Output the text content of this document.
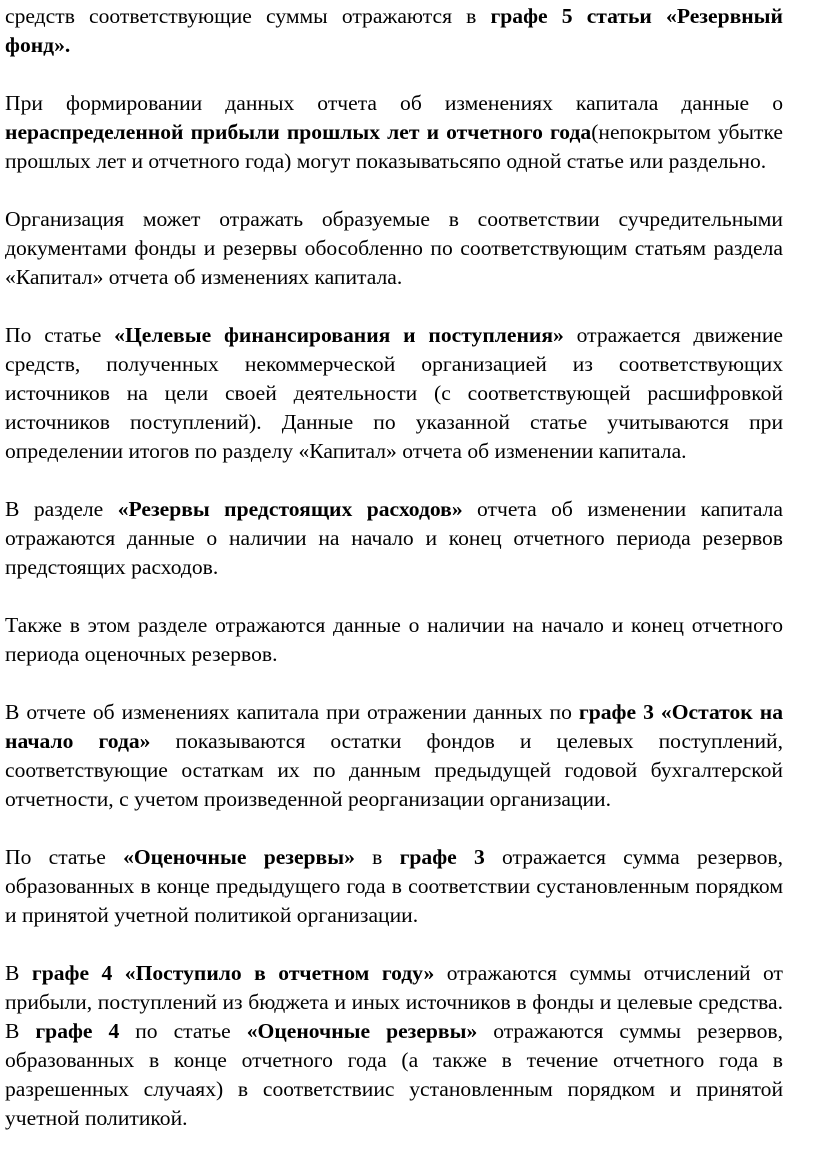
средств соответствующие суммы отражаются в графе 5 статьи «Резервный фонд».

При формировании данных отчета об изменениях капитала данные о нераспределенной прибыли прошлых лет и отчетного года(непокрытом убытке прошлых лет и отчетного года) могут показыватьсяпо одной статье или раздельно.

Организация может отражать образуемые в соответствии сучредительными документами фонды и резервы обособленно по соответствующим статьям раздела «Капитал» отчета об изменениях капитала.

По статье «Целевые финансирования и поступления» отражается движение средств, полученных некоммерческой организацией из соответствующих источников на цели своей деятельности (с соответствующей расшифровкой источников поступлений). Данные по указанной статье учитываются при определении итогов по разделу «Капитал» отчета об изменении капитала.

В разделе «Резервы предстоящих расходов» отчета об изменении капитала отражаются данные о наличии на начало и конец отчетного периода резервов предстоящих расходов.

Также в этом разделе отражаются данные о наличии на начало и конец отчетного периода оценочных резервов.

В отчете об изменениях капитала при отражении данных по графе 3 «Остаток на начало года» показываются остатки фондов и целевых поступлений, соответствующие остаткам их по данным предыдущей годовой бухгалтерской отчетности, с учетом произведенной реорганизации организации.

По статье «Оценочные резервы» в графе 3 отражается сумма резервов, образованных в конце предыдущего года в соответствии сустановленным порядком и принятой учетной политикой организации.

В графе 4 «Поступило в отчетном году» отражаются суммы отчислений от прибыли, поступлений из бюджета и иных источников в фонды и целевые средства. В графе 4 по статье «Оценочные резервы» отражаются суммы резервов, образованных в конце отчетного года (а также в течение отчетного года в разрешенных случаях) в соответствиис установленным порядком и принятой учетной политикой.
